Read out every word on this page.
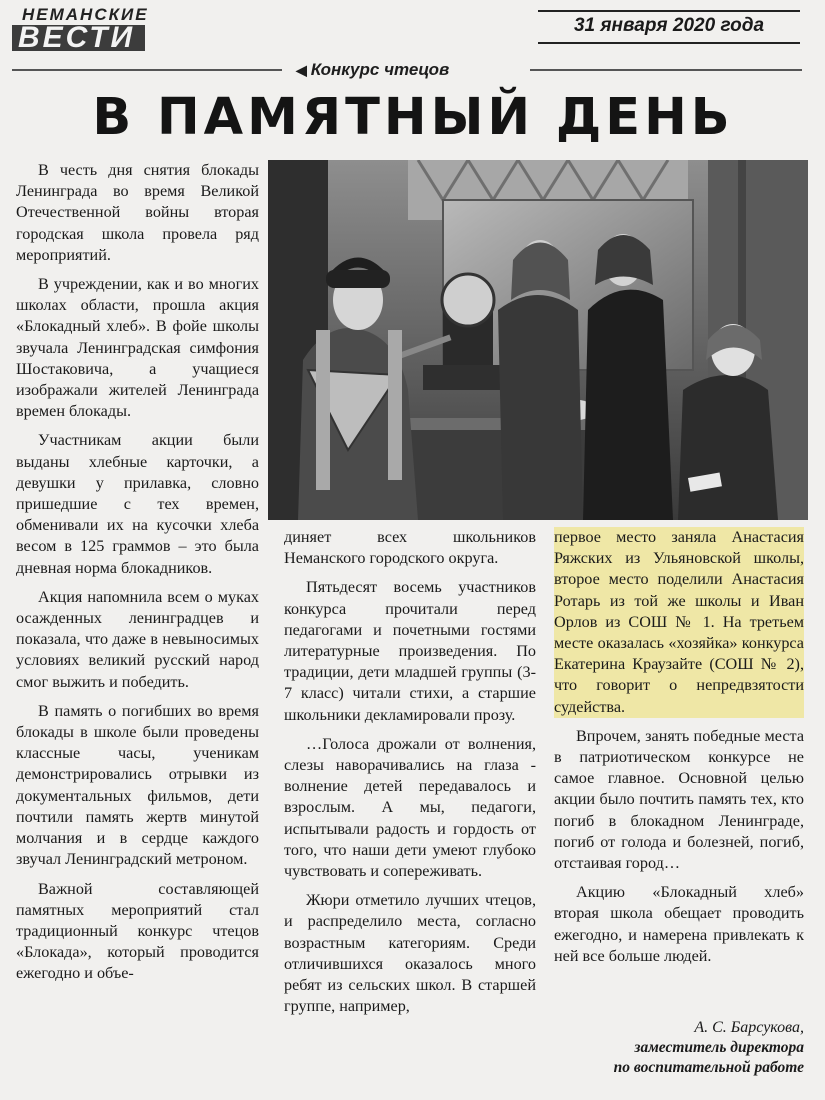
НЕМАНСКИЕ
ВЕСТИ	31 января 2020 года
◀ Конкурс чтецов
В ПАМЯТНЫЙ ДЕНЬ

В честь дня снятия блокады Ленинграда во время Великой Отечественной войны вторая городская школа провела ряд мероприятий.

В учреждении, как и во многих школах области, прошла акция «Блокадный хлеб». В фойе школы звучала Ленинградская симфония Шостаковича, а учащиеся изображали жителей Ленинграда времен блокады.

Участникам акции были выданы хлебные карточки, а девушки у прилавка, словно пришедшие с тех времен, обменивали их на кусочки хлеба весом в 125 граммов – это была дневная норма блокадников.

Акция напомнила всем о муках осажденных ленинградцев и показала, что даже в невыносимых условиях великий русский народ смог выжить и победить.

В память о погибших во время блокады в школе были проведены классные часы, ученикам демонстрировались отрывки из документальных фильмов, дети почтили память жертв минутой молчания и в сердце каждого звучал Ленинградский метроном.

Важной составляющей памятных мероприятий стал традиционный конкурс чтецов «Блокада», который проводится ежегодно и объе-

диняет всех школьников Неманского городского округа.

Пятьдесят восемь участников конкурса прочитали перед педагогами и почетными гостями литературные произведения. По традиции, дети младшей группы (3-7 класс) читали стихи, а старшие школьники декламировали прозу.

…Голоса дрожали от волнения, слезы наворачивались на глаза - волнение детей передавалось и взрослым. А мы, педагоги, испытывали радость и гордость от того, что наши дети умеют глубоко чувствовать и сопереживать.

Жюри отметило лучших чтецов, и распределило места, согласно возрастным категориям. Среди отличившихся оказалось много ребят из сельских школ. В старшей группе, например,

первое место заняла Анастасия Ряжских из Ульяновской школы, второе место поделили Анастасия Ротарь из той же школы и Иван Орлов из СОШ № 1. На третьем месте оказалась «хозяйка» конкурса Екатерина Краузайте (СОШ № 2), что говорит о непредвзятости судейства.

Впрочем, занять победные места в патриотическом конкурсе не самое главное. Основной целью акции было почтить память тех, кто погиб в блокадном Ленинграде, погиб от голода и болезней, погиб, отстаивая город…

Акцию «Блокадный хлеб» вторая школа обещает проводить ежегодно, и намерена привлекать к ней все больше людей.

А. С. Барсукова,
заместитель директора
по воспитательной работе
